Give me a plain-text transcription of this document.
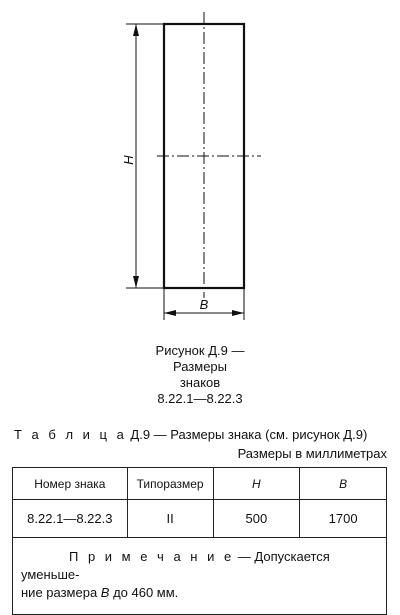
H
B
Рисунок Д.9 —
Размеры
знаков
8.22.1—8.22.3
Т а б л и ц а Д.9 — Размеры знака (см. рисунок Д.9)
Размеры в миллиметрах
Номер знака	Типоразмер	H	B
8.22.1—8.22.3	II	500	1700
П р и м е ч а н и е — Допускается уменьше-
ние размера B до 460 мм.			
